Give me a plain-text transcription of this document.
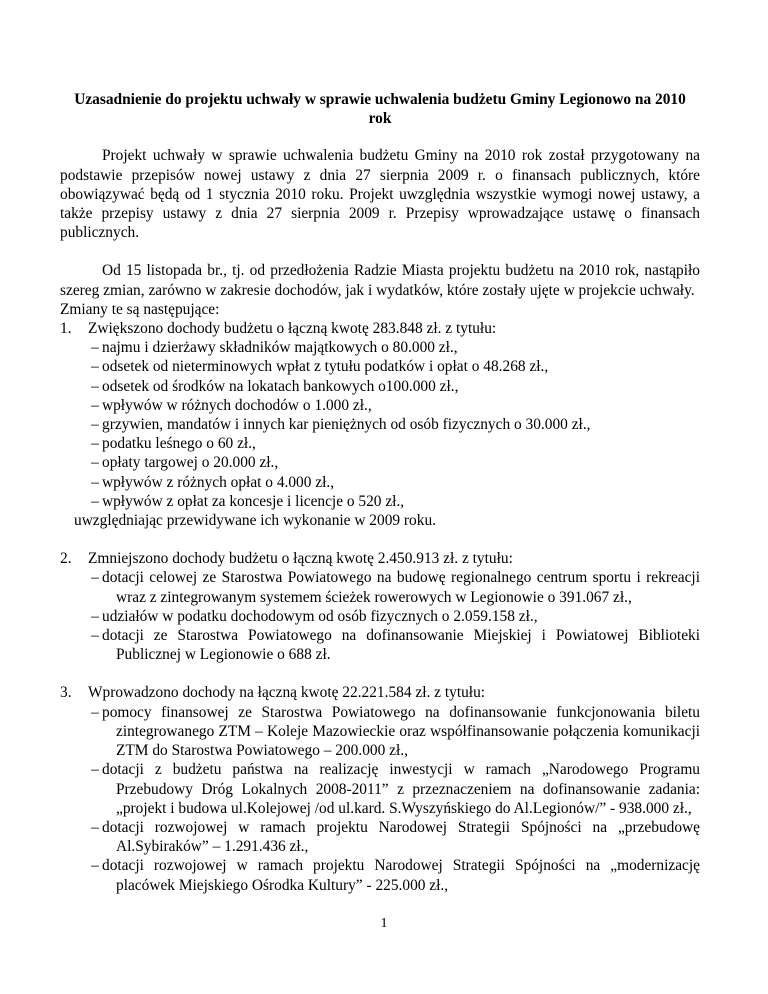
Uzasadnienie do projektu uchwały w sprawie uchwalenia budżetu Gminy Legionowo na 2010 rok

Projekt uchwały w sprawie uchwalenia budżetu Gminy na 2010 rok został przygotowany na podstawie przepisów nowej ustawy z dnia 27 sierpnia 2009 r. o finansach publicznych, które obowiązywać będą od 1 stycznia 2010 roku. Projekt uwzględnia wszystkie wymogi nowej ustawy, a także przepisy ustawy z dnia 27 sierpnia 2009 r. Przepisy wprowadzające ustawę o finansach publicznych.

Od 15 listopada br., tj. od przedłożenia Radzie Miasta projektu budżetu na 2010 rok, nastąpiło szereg zmian, zarówno w zakresie dochodów, jak i wydatków, które zostały ujęte w projekcie uchwały.

Zmiany te są następujące:

1.	Zwiększono dochody budżetu o łączną kwotę 283.848 zł. z tytułu:
– najmu i dzierżawy składników majątkowych o 80.000 zł.,
– odsetek od nieterminowych wpłat z tytułu podatków i opłat o 48.268 zł.,
– odsetek od środków na lokatach bankowych o100.000 zł.,
– wpływów w różnych dochodów o 1.000 zł.,
– grzywien, mandatów i innych kar pieniężnych od osób fizycznych o 30.000 zł.,
– podatku leśnego o 60 zł.,
– opłaty targowej o 20.000 zł.,
– wpływów z różnych opłat o 4.000 zł.,
– wpływów z opłat za koncesje i licencje o 520 zł.,

uwzględniając przewidywane ich wykonanie w 2009 roku.

2.	Zmniejszono dochody budżetu o łączną kwotę 2.450.913 zł. z tytułu:
– dotacji celowej ze Starostwa Powiatowego na budowę regionalnego centrum sportu i rekreacji wraz z zintegrowanym systemem ścieżek rowerowych w Legionowie o 391.067 zł.,
– udziałów w podatku dochodowym od osób fizycznych o 2.059.158 zł.,
– dotacji ze Starostwa Powiatowego na dofinansowanie Miejskiej i Powiatowej Biblioteki Publicznej w Legionowie o 688 zł.
3.	Wprowadzono dochody na łączną kwotę 22.221.584 zł. z tytułu:
– pomocy finansowej ze Starostwa Powiatowego na dofinansowanie funkcjonowania biletu zintegrowanego ZTM – Koleje Mazowieckie oraz współfinansowanie połączenia komunikacji ZTM do Starostwa Powiatowego – 200.000 zł.,
– dotacji z budżetu państwa na realizację inwestycji w ramach „Narodowego Programu Przebudowy Dróg Lokalnych 2008-2011” z przeznaczeniem na dofinansowanie zadania: „projekt i budowa ul.Kolejowej /od ul.kard. S.Wyszyńskiego do Al.Legionów/” - 938.000 zł.,
– dotacji rozwojowej w ramach projektu Narodowej Strategii Spójności na „przebudowę Al.Sybiraków” – 1.291.436 zł.,
– dotacji rozwojowej w ramach projektu Narodowej Strategii Spójności na „modernizację placówek Miejskiego Ośrodka Kultury” - 225.000 zł.,
1
